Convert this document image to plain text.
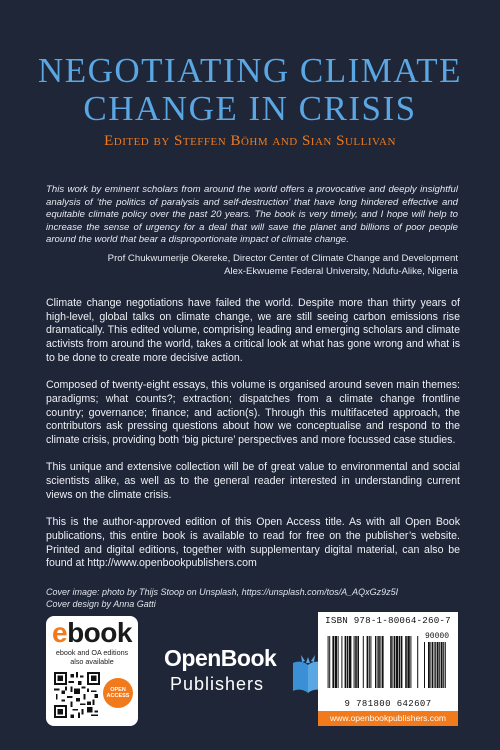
NEGOTIATING CLIMATE
CHANGE IN CRISIS

Edited by Steffen Böhm and Sian Sullivan

This work by eminent scholars from around the world offers a provocative and deeply insightful analysis of ‘the politics of paralysis and self-destruction’ that have long hindered effective and equitable climate policy over the past 20 years. The book is very timely, and I hope will help to increase the sense of urgency for a deal that will save the planet and billions of poor people around the world that bear a disproportionate impact of climate change.

Prof Chukwumerije Okereke, Director Center of Climate Change and Development
Alex-Ekwueme Federal University, Ndufu-Alike, Nigeria

Climate change negotiations have failed the world. Despite more than thirty years of high-level, global talks on climate change, we are still seeing carbon emissions rise dramatically. This edited volume, comprising leading and emerging scholars and climate activists from around the world, takes a critical look at what has gone wrong and what is to be done to create more decisive action.

Composed of twenty-eight essays, this volume is organised around seven main themes: paradigms; what counts?; extraction; dispatches from a climate change frontline country; governance; finance; and action(s). Through this multifaceted approach, the contributors ask pressing questions about how we conceptualise and respond to the climate crisis, providing both ‘big picture’ perspectives and more focussed case studies.

This unique and extensive collection will be of great value to environmental and social scientists alike, as well as to the general reader interested in understanding current views on the climate crisis.

This is the author-approved edition of this Open Access title. As with all Open Book publications, this entire book is available to read for free on the publisher’s website. Printed and digital editions, together with supplementary digital material, can also be found at http://www.openbookpublishers.com

Cover image: photo by Thijs Stoop on Unsplash, https://unsplash.com/tos/A_AQxGz9z5I
Cover design by Anna Gatti
ebook
ebook and OA editions
also available
OPEN
ACCESS
OpenBook
Publishers
ISBN 978-1-80064-260-7
90000
9 781800 642607
www.openbookpublishers.com
